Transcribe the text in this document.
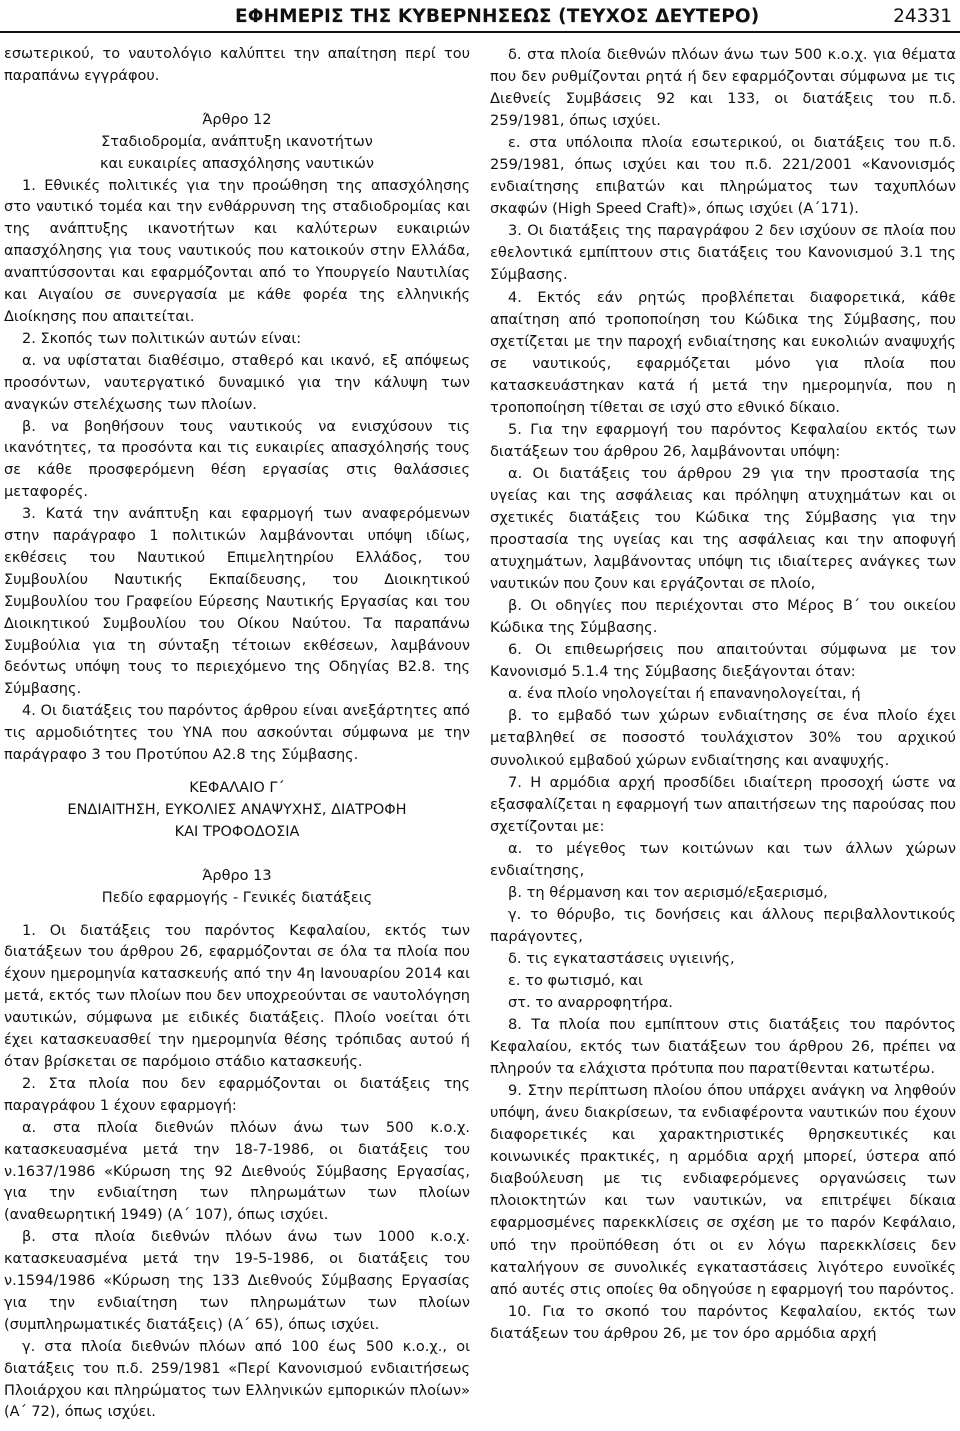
ΕΦΗΜΕΡΙΣ ΤΗΣ ΚΥΒΕΡΝΗΣΕΩΣ (ΤΕΥΧΟΣ ΔΕΥΤΕΡΟ)	24331

εσωτερικού, το ναυτολόγιο καλύπτει την απαίτηση περί του παραπάνω εγγράφου.

Άρθρο 12

Σταδιοδρομία, ανάπτυξη ικανοτήτων και ευκαιρίες απασχόλησης ναυτικών

1. Εθνικές πολιτικές για την προώθηση της απασχόλησης στο ναυτικό τομέα και την ενθάρρυνση της σταδιοδρομίας και της ανάπτυξης ικανοτήτων και καλύτερων ευκαιριών απασχόλησης για τους ναυτικούς που κατοικούν στην Ελλάδα, αναπτύσσονται και εφαρμόζονται από το Υπουργείο Ναυτιλίας και Αιγαίου σε συνεργασία με κάθε φορέα της ελληνικής Διοίκησης που απαιτείται.

2. Σκοπός των πολιτικών αυτών είναι:

α. να υφίσταται διαθέσιμο, σταθερό και ικανό, εξ απόψεως προσόντων, ναυτεργατικό δυναμικό για την κάλυψη των αναγκών στελέχωσης των πλοίων.

β. να βοηθήσουν τους ναυτικούς να ενισχύσουν τις ικανότητες, τα προσόντα και τις ευκαιρίες απασχόλησής τους σε κάθε προσφερόμενη θέση εργασίας στις θαλάσσιες μεταφορές.

3. Κατά την ανάπτυξη και εφαρμογή των αναφερόμενων στην παράγραφο 1 πολιτικών λαμβάνονται υπόψη ιδίως, εκθέσεις του Ναυτικού Επιμελητηρίου Ελλάδος, του Συμβουλίου Ναυτικής Εκπαίδευσης, του Διοικητικού Συμβουλίου του Γραφείου Εύρεσης Ναυτικής Εργασίας και του Διοικητικού Συμβουλίου του Οίκου Ναύτου. Τα παραπάνω Συμβούλια για τη σύνταξη τέτοιων εκθέσεων, λαμβάνουν δεόντως υπόψη τους το περιεχόμενο της Οδηγίας Β2.8. της Σύμβασης.

4. Οι διατάξεις του παρόντος άρθρου είναι ανεξάρτητες από τις αρμοδιότητες του ΥΝΑ που ασκούνται σύμφωνα με την παράγραφο 3 του Προτύπου Α2.8 της Σύμβασης.

ΚΕΦΑΛΑΙΟ Γ΄

ΕΝΔΙΑΙΤΗΣΗ, ΕΥΚΟΛΙΕΣ ΑΝΑΨΥΧΗΣ, ΔΙΑΤΡΟΦΗ ΚΑΙ ΤΡΟΦΟΔΟΣΙΑ

Άρθρο 13

Πεδίο εφαρμογής - Γενικές διατάξεις

1. Οι διατάξεις του παρόντος Κεφαλαίου, εκτός των διατάξεων του άρθρου 26, εφαρμόζονται σε όλα τα πλοία που έχουν ημερομηνία κατασκευής από την 4η Ιανουαρίου 2014 και μετά, εκτός των πλοίων που δεν υποχρεούνται σε ναυτολόγηση ναυτικών, σύμφωνα με ειδικές διατάξεις. Πλοίο νοείται ότι έχει κατασκευασθεί την ημερομηνία θέσης τρόπιδας αυτού ή όταν βρίσκεται σε παρόμοιο στάδιο κατασκευής.

2. Στα πλοία που δεν εφαρμόζονται οι διατάξεις της παραγράφου 1 έχουν εφαρμογή:

α. στα πλοία διεθνών πλόων άνω των 500 κ.ο.χ. κατασκευασμένα μετά την 18-7-1986, οι διατάξεις του ν.1637/1986 «Κύρωση της 92 Διεθνούς Σύμβασης Εργασίας, για την ενδιαίτηση των πληρωμάτων των πλοίων (αναθεωρητική 1949) (Α΄ 107), όπως ισχύει.

β. στα πλοία διεθνών πλόων άνω των 1000 κ.ο.χ. κατασκευασμένα μετά την 19-5-1986, οι διατάξεις του ν.1594/1986 «Κύρωση της 133 Διεθνούς Σύμβασης Εργασίας για την ενδιαίτηση των πληρωμάτων των πλοίων (συμπληρωματικές διατάξεις) (Α΄ 65), όπως ισχύει.

γ. στα πλοία διεθνών πλόων από 100 έως 500 κ.ο.χ., οι διατάξεις του π.δ. 259/1981 «Περί Κανονισμού ενδιαιτήσεως Πλοιάρχου και πληρώματος των Ελληνικών εμπορικών πλοίων» (Α΄ 72), όπως ισχύει.

δ. στα πλοία διεθνών πλόων άνω των 500 κ.ο.χ. για θέματα που δεν ρυθμίζονται ρητά ή δεν εφαρμόζονται σύμφωνα με τις Διεθνείς Συμβάσεις 92 και 133, οι διατάξεις του π.δ. 259/1981, όπως ισχύει.

ε. στα υπόλοιπα πλοία εσωτερικού, οι διατάξεις του π.δ. 259/1981, όπως ισχύει και του π.δ. 221/2001 «Κανονισμός ενδιαίτησης επιβατών και πληρώματος των ταχυπλόων σκαφών (High Speed Craft)», όπως ισχύει (Α΄171).

3. Οι διατάξεις της παραγράφου 2 δεν ισχύουν σε πλοία που εθελοντικά εμπίπτουν στις διατάξεις του Κανονισμού 3.1 της Σύμβασης.

4. Εκτός εάν ρητώς προβλέπεται διαφορετικά, κάθε απαίτηση από τροποποίηση του Κώδικα της Σύμβασης, που σχετίζεται με την παροχή ενδιαίτησης και ευκολιών αναψυχής σε ναυτικούς, εφαρμόζεται μόνο για πλοία που κατασκευάστηκαν κατά ή μετά την ημερομηνία, που η τροποποίηση τίθεται σε ισχύ στο εθνικό δίκαιο.

5. Για την εφαρμογή του παρόντος Κεφαλαίου εκτός των διατάξεων του άρθρου 26, λαμβάνονται υπόψη:

α. Οι διατάξεις του άρθρου 29 για την προστασία της υγείας και της ασφάλειας και πρόληψη ατυχημάτων και οι σχετικές διατάξεις του Κώδικα της Σύμβασης για την προστασία της υγείας και της ασφάλειας και την αποφυγή ατυχημάτων, λαμβάνοντας υπόψη τις ιδιαίτερες ανάγκες των ναυτικών που ζουν και εργάζονται σε πλοίο,

β. Οι οδηγίες που περιέχονται στο Μέρος Β΄ του οικείου Κώδικα της Σύμβασης.

6. Οι επιθεωρήσεις που απαιτούνται σύμφωνα με τον Κανονισμό 5.1.4 της Σύμβασης διεξάγονται όταν:

α. ένα πλοίο νηολογείται ή επανανηολογείται, ή

β. το εμβαδό των χώρων ενδιαίτησης σε ένα πλοίο έχει μεταβληθεί σε ποσοστό τουλάχιστον 30% του αρχικού συνολικού εμβαδού χώρων ενδιαίτησης και αναψυχής.

7. Η αρμόδια αρχή προσδίδει ιδιαίτερη προσοχή ώστε να εξασφαλίζεται η εφαρμογή των απαιτήσεων της παρούσας που σχετίζονται με:

α. το μέγεθος των κοιτώνων και των άλλων χώρων ενδιαίτησης,

β. τη θέρμανση και τον αερισμό/εξαερισμό,

γ. το θόρυβο, τις δονήσεις και άλλους περιβαλλοντικούς παράγοντες,

δ. τις εγκαταστάσεις υγιεινής,

ε. το φωτισμό, και

στ. το αναρροφητήρα.

8. Τα πλοία που εμπίπτουν στις διατάξεις του παρόντος Κεφαλαίου, εκτός των διατάξεων του άρθρου 26, πρέπει να πληρούν τα ελάχιστα πρότυπα που παρατίθενται κατωτέρω.

9. Στην περίπτωση πλοίου όπου υπάρχει ανάγκη να ληφθούν υπόψη, άνευ διακρίσεων, τα ενδιαφέροντα ναυτικών που έχουν διαφορετικές και χαρακτηριστικές θρησκευτικές και κοινωνικές πρακτικές, η αρμόδια αρχή μπορεί, ύστερα από διαβούλευση με τις ενδιαφερόμενες οργανώσεις των πλοιοκτητών και των ναυτικών, να επιτρέψει δίκαια εφαρμοσμένες παρεκκλίσεις σε σχέση με το παρόν Κεφάλαιο, υπό την προϋπόθεση ότι οι εν λόγω παρεκκλίσεις δεν καταλήγουν σε συνολικές εγκαταστάσεις λιγότερο ευνοϊκές από αυτές στις οποίες θα οδηγούσε η εφαρμογή του παρόντος.

10. Για το σκοπό του παρόντος Κεφαλαίου, εκτός των διατάξεων του άρθρου 26, με τον όρο αρμόδια αρχή
